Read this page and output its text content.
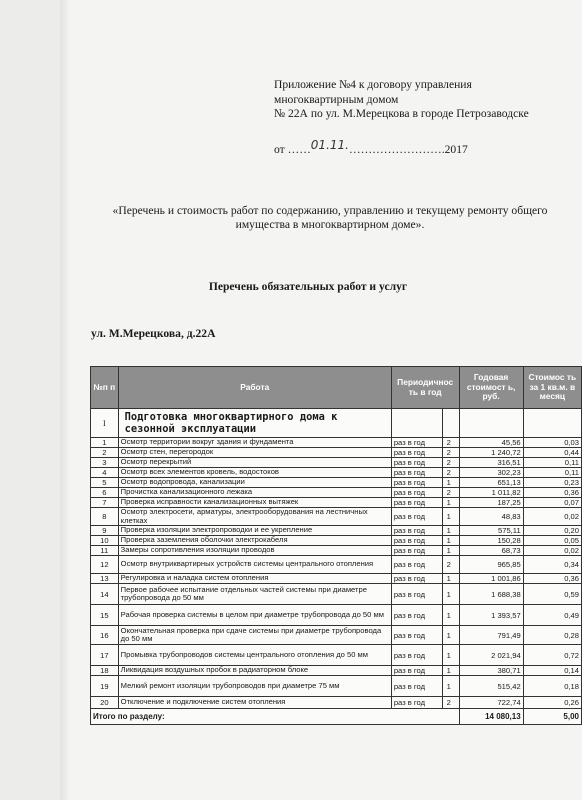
Приложение №4 к договору управления
многоквартирным домом
№ 22А по ул. М.Мерецкова в городе Петрозаводске
от ……01.11.…………………….2017
«Перечень и стоимость работ по содержанию, управлению и текущему ремонту общего имущества в многоквартирном доме».
Перечень обязательных работ и услуг
ул. М.Мерецкова, д.22А
№п п	Работа	Периодичнос ть в год		Годовая стоимост ь, руб.	Стоимос ть за 1 кв.м. в месяц
I	Подготовка многоквартирного дома к сезонной эксплуатации				
1	Осмотр территории вокруг здания и фундамента	раз в год	2	45,56	0,03
2	Осмотр стен, перегородок	раз в год	2	1 240,72	0,44
3	Осмотр перекрытий	раз в год	2	316,51	0,11
4	Осмотр всех элементов кровель, водостоков	раз в год	2	302,23	0,11
5	Осмотр водопровода, канализации	раз в год	1	651,13	0,23
6	Прочистка канализационного лежака	раз в год	2	1 011,82	0,36
7	Проверка исправности канализационных вытяжек	раз в год	1	187,25	0,07
8	Осмотр электросети, арматуры, электрооборудования на лестничных клетках	раз в год	1	48,83	0,02
9	Проверка изоляции электропроводки и ее укрепление	раз в год	1	575,11	0,20
10	Проверка заземления оболочки электрокабеля	раз в год	1	150,28	0,05
11	Замеры сопротивления изоляции проводов	раз в год	1	68,73	0,02
12	Осмотр внутриквартирных устройств системы центрального отопления	раз в год	2	965,85	0,34
13	Регулировка и наладка систем отопления	раз в год	1	1 001,86	0,36
14	Первое рабочее испытание отдельных частей системы при диаметре трубопровода до 50 мм	раз в год	1	1 688,38	0,59
15	Рабочая проверка системы в целом при диаметре трубопровода до 50 мм	раз в год	1	1 393,57	0,49
16	Окончательная проверка при сдаче системы при диаметре трубопровода до 50 мм	раз в год	1	791,49	0,28
17	Промывка трубопроводов системы центрального отопления до 50 мм	раз в год	1	2 021,94	0,72
18	Ликвидация воздушных пробок в радиаторном блоке	раз в год	1	380,71	0,14
19	Мелкий ремонт изоляции трубопроводов при диаметре 75 мм	раз в год	1	515,42	0,18
20	Отключение и подключение систем отопления	раз в год	2	722,74	0,26
Итого по разделу:				14 080,13	5,00
